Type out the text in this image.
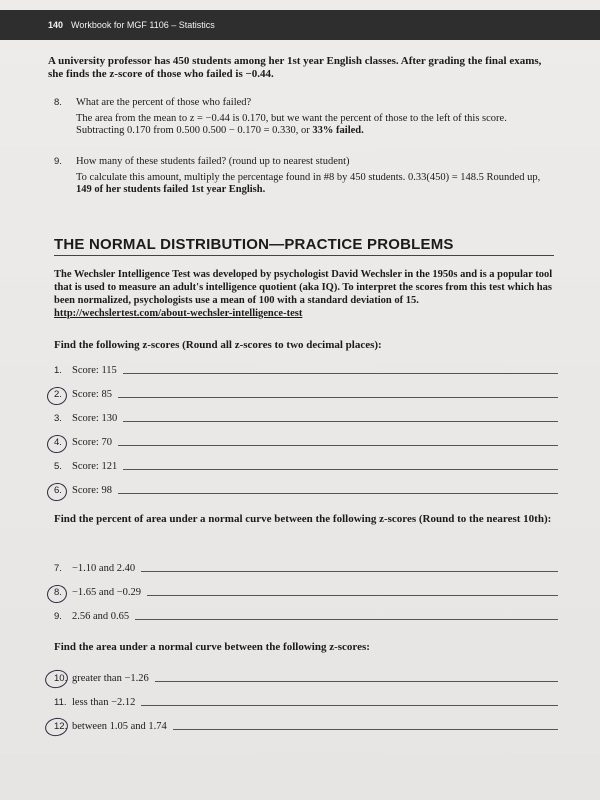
140 Workbook for MGF 1106 – Statistics
A university professor has 450 students among her 1st year English classes. After grading the final exams, she finds the z-score of those who failed is −0.44.
8. What are the percent of those who failed?
The area from the mean to z = −0.44 is 0.170, but we want the percent of those to the left of this score. Subtracting 0.170 from 0.500 0.500 − 0.170 = 0.330, or 33% failed.
9. How many of these students failed? (round up to nearest student)
To calculate this amount, multiply the percentage found in #8 by 450 students. 0.33(450) = 148.5 Rounded up, 149 of her students failed 1st year English.
THE NORMAL DISTRIBUTION—PRACTICE PROBLEMS
The Wechsler Intelligence Test was developed by psychologist David Wechsler in the 1950s and is a popular tool that is used to measure an adult's intelligence quotient (aka IQ). To interpret the scores from this test which has been normalized, psychologists use a mean of 100 with a standard deviation of 15. http://wechslertest.com/about-wechsler-intelligence-test
Find the following z-scores (Round all z-scores to two decimal places):
1. Score: 115
2. Score: 85
3. Score: 130
4. Score: 70
5. Score: 121
6. Score: 98
Find the percent of area under a normal curve between the following z-scores (Round to the nearest 10th):
7. −1.10 and 2.40
8. −1.65 and −0.29
9. 2.56 and 0.65
Find the area under a normal curve between the following z-scores:
10. greater than −1.26
11. less than −2.12
12. between 1.05 and 1.74
